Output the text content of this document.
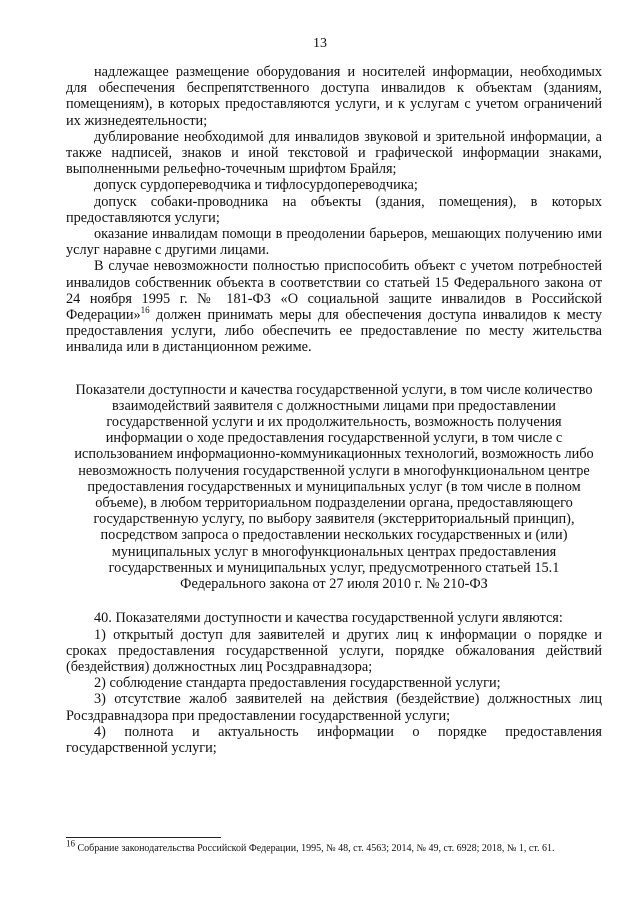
13

надлежащее размещение оборудования и носителей информации, необходимых для обеспечения беспрепятственного доступа инвалидов к объектам (зданиям, помещениям), в которых предоставляются услуги, и к услугам с учетом ограничений их жизнедеятельности;

дублирование необходимой для инвалидов звуковой и зрительной информации, а также надписей, знаков и иной текстовой и графической информации знаками, выполненными рельефно-точечным шрифтом Брайля;

допуск сурдопереводчика и тифлосурдопереводчика;

допуск собаки-проводника на объекты (здания, помещения), в которых предоставляются услуги;

оказание инвалидам помощи в преодолении барьеров, мешающих получению ими услуг наравне с другими лицами.

В случае невозможности полностью приспособить объект с учетом потребностей инвалидов собственник объекта в соответствии со статьей 15 Федерального закона от 24 ноября 1995 г. № 181-ФЗ «О социальной защите инвалидов в Российской Федерации»$^{16}$ должен принимать меры для обеспечения доступа инвалидов к месту предоставления услуги, либо обеспечить ее предоставление по месту жительства инвалида или в дистанционном режиме.

Показатели доступности и качества государственной услуги, в том числе количество взаимодействий заявителя с должностными лицами при предоставлении государственной услуги и их продолжительность, возможность получения информации о ходе предоставления государственной услуги, в том числе с использованием информационно-коммуникационных технологий, возможность либо невозможность получения государственной услуги в многофункциональном центре предоставления государственных и муниципальных услуг (в том числе в полном объеме), в любом территориальном подразделении органа, предоставляющего государственную услугу, по выбору заявителя (экстерриториальный принцип), посредством запроса о предоставлении нескольких государственных и (или) муниципальных услуг в многофункциональных центрах предоставления государственных и муниципальных услуг, предусмотренного статьей 15.1 Федерального закона от 27 июля 2010 г. № 210-ФЗ

40. Показателями доступности и качества государственной услуги являются:

1) открытый доступ для заявителей и других лиц к информации о порядке и сроках предоставления государственной услуги, порядке обжалования действий (бездействия) должностных лиц Росздравнадзора;

2) соблюдение стандарта предоставления государственной услуги;

3) отсутствие жалоб заявителей на действия (бездействие) должностных лиц Росздравнадзора при предоставлении государственной услуги;

4) полнота и актуальность информации о порядке предоставления государственной услуги;

$^{16}$ Собрание законодательства Российской Федерации, 1995, № 48, ст. 4563; 2014, № 49, ст. 6928; 2018, № 1, ст. 61.
